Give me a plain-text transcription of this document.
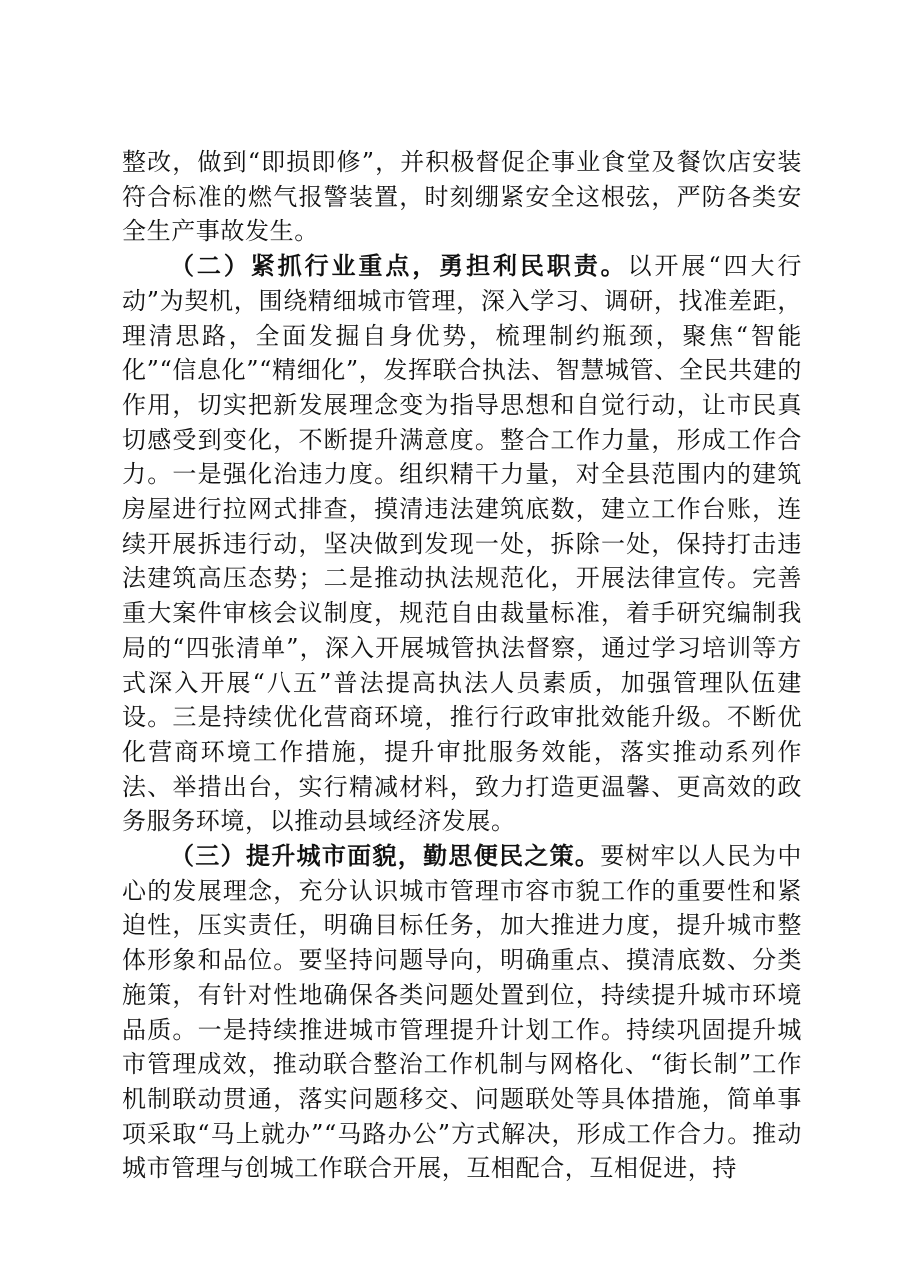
整改，做到“即损即修”，并积极督促企事业食堂及餐饮店安装符合标准的燃气报警装置，时刻绷紧安全这根弦，严防各类安全生产事故发生。

（二）紧抓行业重点，勇担利民职责。以开展“四大行动”为契机，围绕精细城市管理，深入学习、调研，找准差距，理清思路，全面发掘自身优势，梳理制约瓶颈，聚焦“智能化”“信息化”“精细化”，发挥联合执法、智慧城管、全民共建的作用，切实把新发展理念变为指导思想和自觉行动，让市民真切感受到变化，不断提升满意度。整合工作力量，形成工作合力。一是强化治违力度。组织精干力量，对全县范围内的建筑房屋进行拉网式排查，摸清违法建筑底数，建立工作台账，连续开展拆违行动，坚决做到发现一处，拆除一处，保持打击违法建筑高压态势；二是推动执法规范化，开展法律宣传。完善重大案件审核会议制度，规范自由裁量标准，着手研究编制我局的“四张清单”，深入开展城管执法督察，通过学习培训等方式深入开展“八五”普法提高执法人员素质，加强管理队伍建设。三是持续优化营商环境，推行行政审批效能升级。不断优化营商环境工作措施，提升审批服务效能，落实推动系列作法、举措出台，实行精减材料，致力打造更温馨、更高效的政务服务环境，以推动县域经济发展。

（三）提升城市面貌，勤思便民之策。要树牢以人民为中心的发展理念，充分认识城市管理市容市貌工作的重要性和紧迫性，压实责任，明确目标任务，加大推进力度，提升城市整体形象和品位。要坚持问题导向，明确重点、摸清底数、分类施策，有针对性地确保各类问题处置到位，持续提升城市环境品质。一是持续推进城市管理提升计划工作。持续巩固提升城市管理成效，推动联合整治工作机制与网格化、“街长制”工作机制联动贯通，落实问题移交、问题联处等具体措施，简单事项采取“马上就办”“马路办公”方式解决，形成工作合力。推动城市管理与创城工作联合开展，互相配合，互相促进，持
